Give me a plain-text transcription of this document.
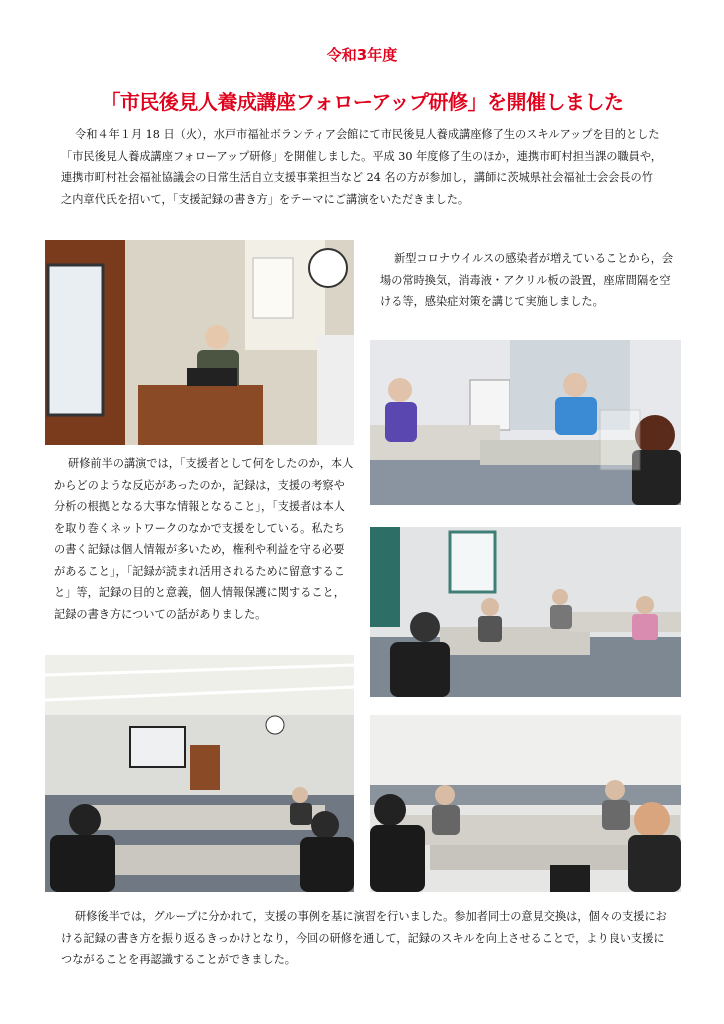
令和3年度
「市民後見人養成講座フォローアップ研修」を開催しました

令和４年１月 18 日（火），水戸市福祉ボランティア会館にて市民後見人養成講座修了生のスキルアップを目的とした「市民後見人養成講座フォローアップ研修」を開催しました。平成 30 年度修了生のほか，連携市町村担当課の職員や，連携市町村社会福祉協議会の日常生活自立支援事業担当など 24 名の方が参加し，講師に茨城県社会福祉士会会長の竹之内章代氏を招いて，「支援記録の書き方」をテーマにご講演をいただきました。

新型コロナウイルスの感染者が増えていることから，会場の常時換気，消毒液・アクリル板の設置，座席間隔を空ける等，感染症対策を講じて実施しました。

研修前半の講演では，「支援者として何をしたのか，本人からどのような反応があったのか，記録は，支援の考察や分析の根拠となる大事な情報となること」，「支援者は本人を取り巻くネットワークのなかで支援をしている。私たちの書く記録は個人情報が多いため，権利や利益を守る必要があること」，「記録が読まれ活用されるために留意すること」等，記録の目的と意義，個人情報保護に関すること，記録の書き方についての話がありました。

研修後半では，グループに分かれて，支援の事例を基に演習を行いました。参加者同士の意見交換は，個々の支援における記録の書き方を振り返るきっかけとなり，今回の研修を通して，記録のスキルを向上させることで，より良い支援につながることを再認識することができました。
